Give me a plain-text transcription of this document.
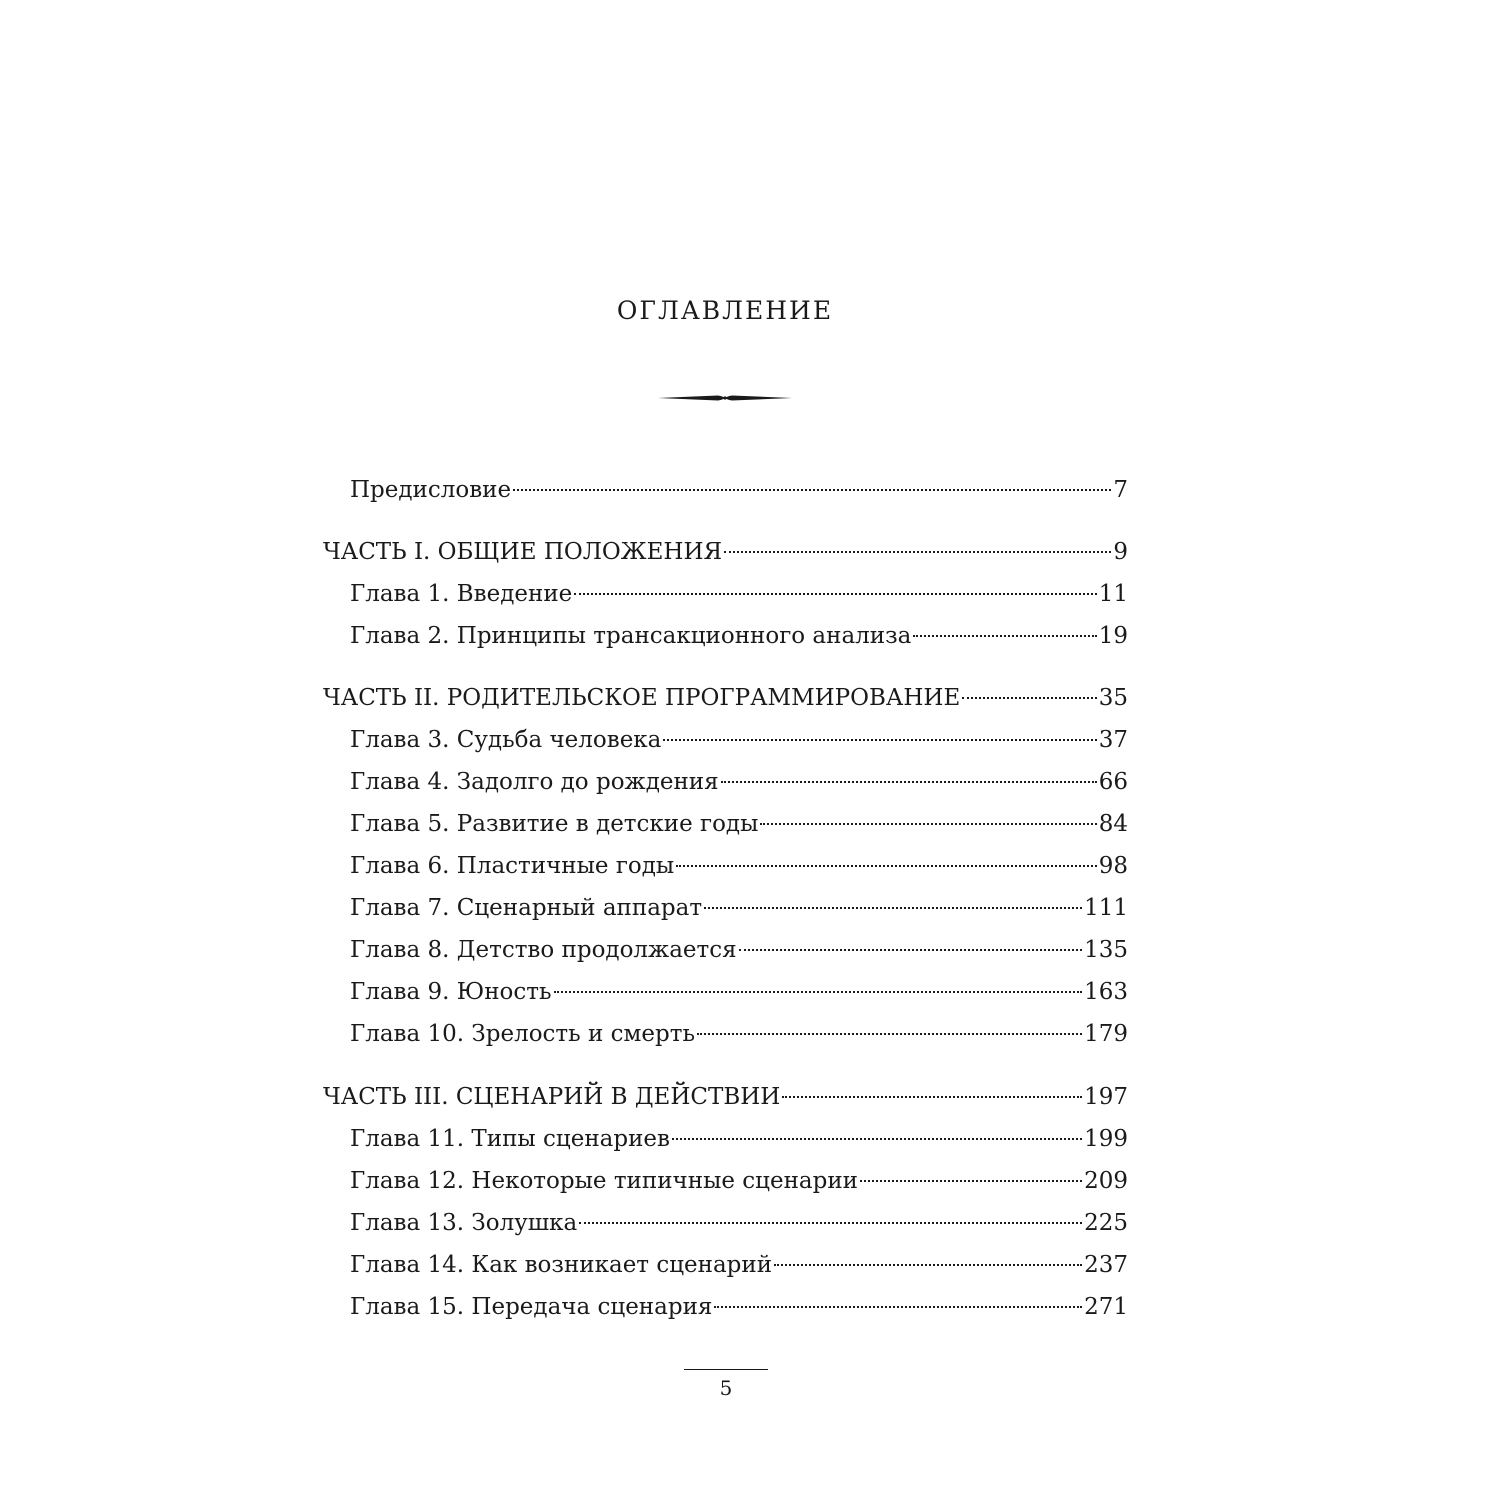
ОГЛАВЛЕНИЕ
Предисловие	7
ЧАСТЬ I. ОБЩИЕ ПОЛОЖЕНИЯ	9
Глава 1. Введение	11
Глава 2. Принципы трансакционного анализа	19
ЧАСТЬ II. РОДИТЕЛЬСКОЕ ПРОГРАММИРОВАНИЕ	35
Глава 3. Судьба человека	37
Глава 4. Задолго до рождения	66
Глава 5. Развитие в детские годы	84
Глава 6. Пластичные годы	98
Глава 7. Сценарный аппарат	111
Глава 8. Детство продолжается	135
Глава 9. Юность	163
Глава 10. Зрелость и смерть	179
ЧАСТЬ III. СЦЕНАРИЙ В ДЕЙСТВИИ	197
Глава 11. Типы сценариев	199
Глава 12. Некоторые типичные сценарии	209
Глава 13. Золушка	225
Глава 14. Как возникает сценарий	237
Глава 15. Передача сценария	271
5
